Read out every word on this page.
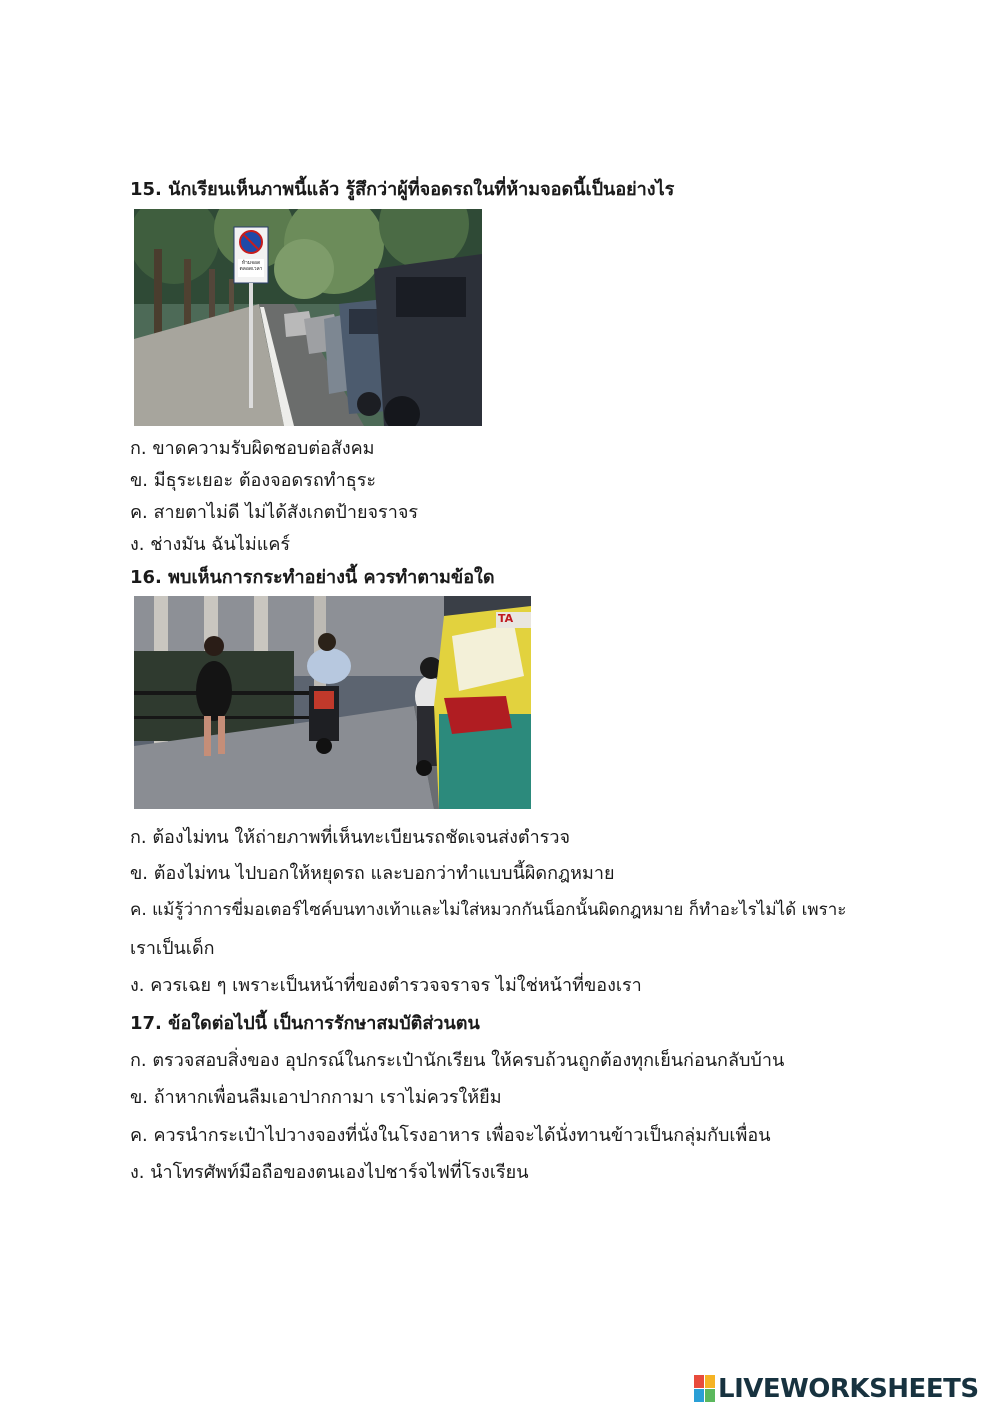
15. นักเรียนเห็นภาพนี้แล้ว รู้สึกว่าผู้ที่จอดรถในที่ห้ามจอดนี้เป็นอย่างไร
ห้ามจอด ตลอดเวลา
ก. ขาดความรับผิดชอบต่อสังคม
ข. มีธุระเยอะ ต้องจอดรถทำธุระ
ค. สายตาไม่ดี ไม่ได้สังเกตป้ายจราจร
ง. ช่างมัน ฉันไม่แคร์
16. พบเห็นการกระทำอย่างนี้ ควรทำตามข้อใด
TA
ก. ต้องไม่ทน ให้ถ่ายภาพที่เห็นทะเบียนรถชัดเจนส่งตำรวจ
ข. ต้องไม่ทน ไปบอกให้หยุดรถ และบอกว่าทำแบบนี้ผิดกฎหมาย
ค. แม้รู้ว่าการขี่มอเตอร์ไซค์บนทางเท้าและไม่ใส่หมวกกันน็อกนั้นผิดกฎหมาย ก็ทำอะไรไม่ได้ เพราะ
เราเป็นเด็ก
ง. ควรเฉย ๆ เพราะเป็นหน้าที่ของตำรวจจราจร ไม่ใช่หน้าที่ของเรา
17. ข้อใดต่อไปนี้ เป็นการรักษาสมบัติส่วนตน
ก. ตรวจสอบสิ่งของ อุปกรณ์ในกระเป๋านักเรียน ให้ครบถ้วนถูกต้องทุกเย็นก่อนกลับบ้าน
ข. ถ้าหากเพื่อนลืมเอาปากกามา เราไม่ควรให้ยืม
ค. ควรนำกระเป๋าไปวางจองที่นั่งในโรงอาหาร เพื่อจะได้นั่งทานข้าวเป็นกลุ่มกับเพื่อน
ง. นำโทรศัพท์มือถือของตนเองไปชาร์จไฟที่โรงเรียน
LIVEWORKSHEETS
